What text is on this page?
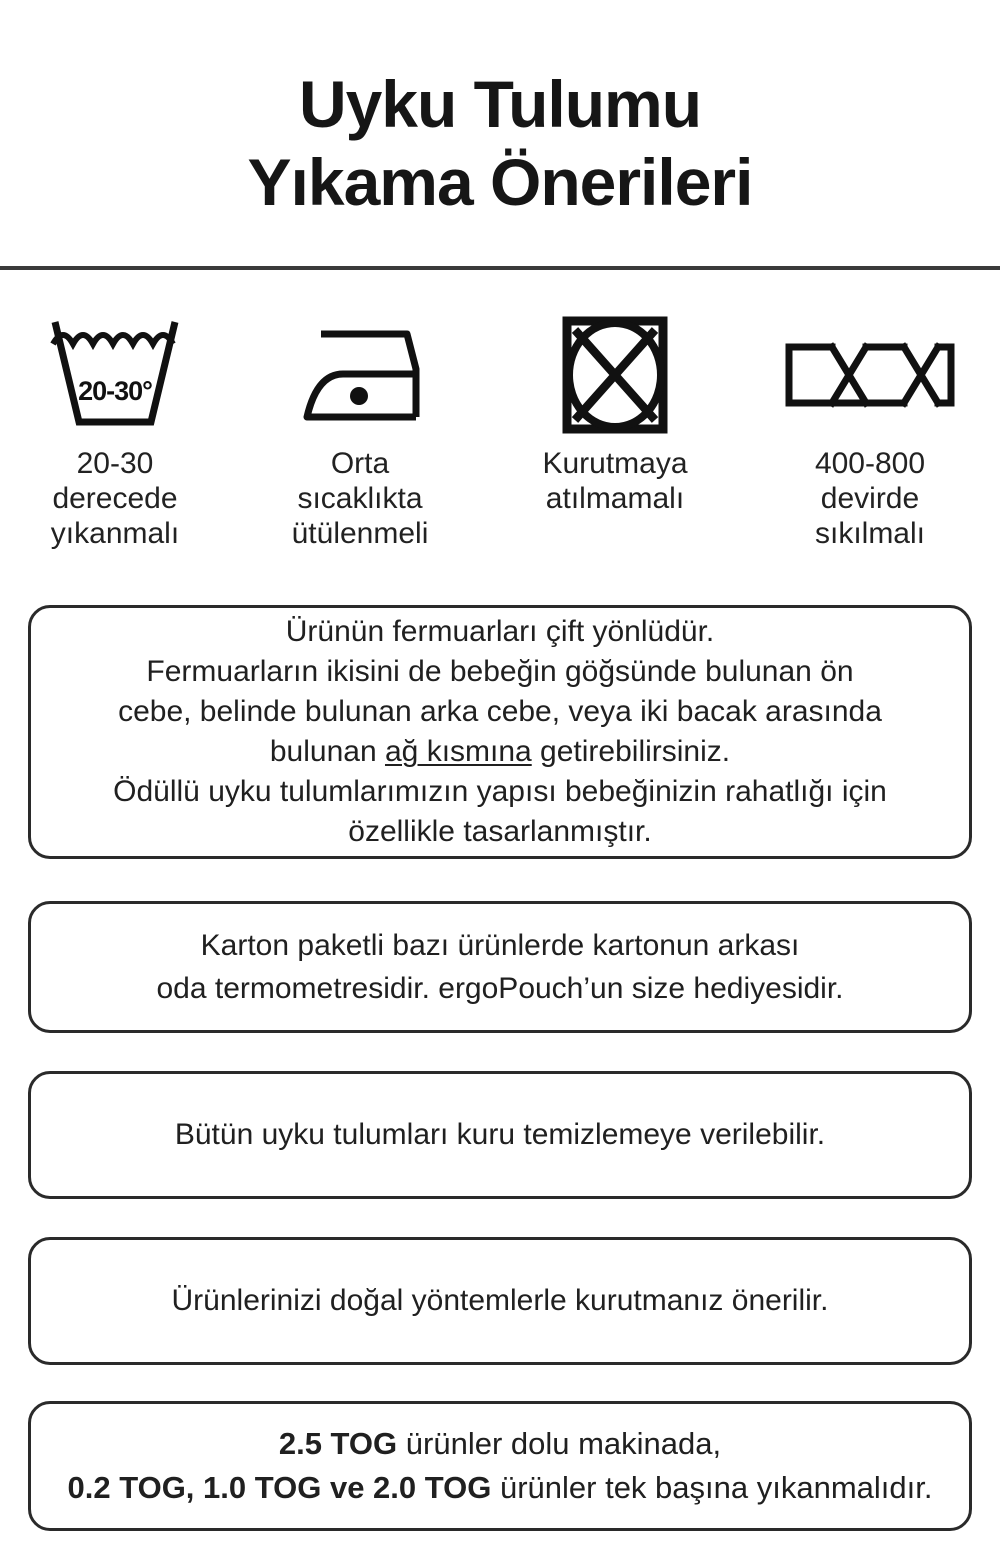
Uyku Tulumu
Yıkama Önerileri
20-30°
20-30
derecede
yıkanmalı
Orta
sıcaklıkta
ütülenmeli
Kurutmaya
atılmamalı
400-800
devirde
sıkılmalı

Ürünün fermuarları çift yönlüdür.

Fermuarların ikisini de bebeğin göğsünde bulunan ön

cebe, belinde bulunan arka cebe, veya iki bacak arasında

bulunan ağ kısmına getirebilirsiniz.

Ödüllü uyku tulumlarımızın yapısı bebeğinizin rahatlığı için

özellikle tasarlanmıştır.

Karton paketli bazı ürünlerde kartonun arkası

oda termometresidir. ergoPouch’un size hediyesidir.

Bütün uyku tulumları kuru temizlemeye verilebilir.

Ürünlerinizi doğal yöntemlerle kurutmanız önerilir.

2.5 TOG ürünler dolu makinada,

0.2 TOG, 1.0 TOG ve 2.0 TOG ürünler tek başına yıkanmalıdır.
